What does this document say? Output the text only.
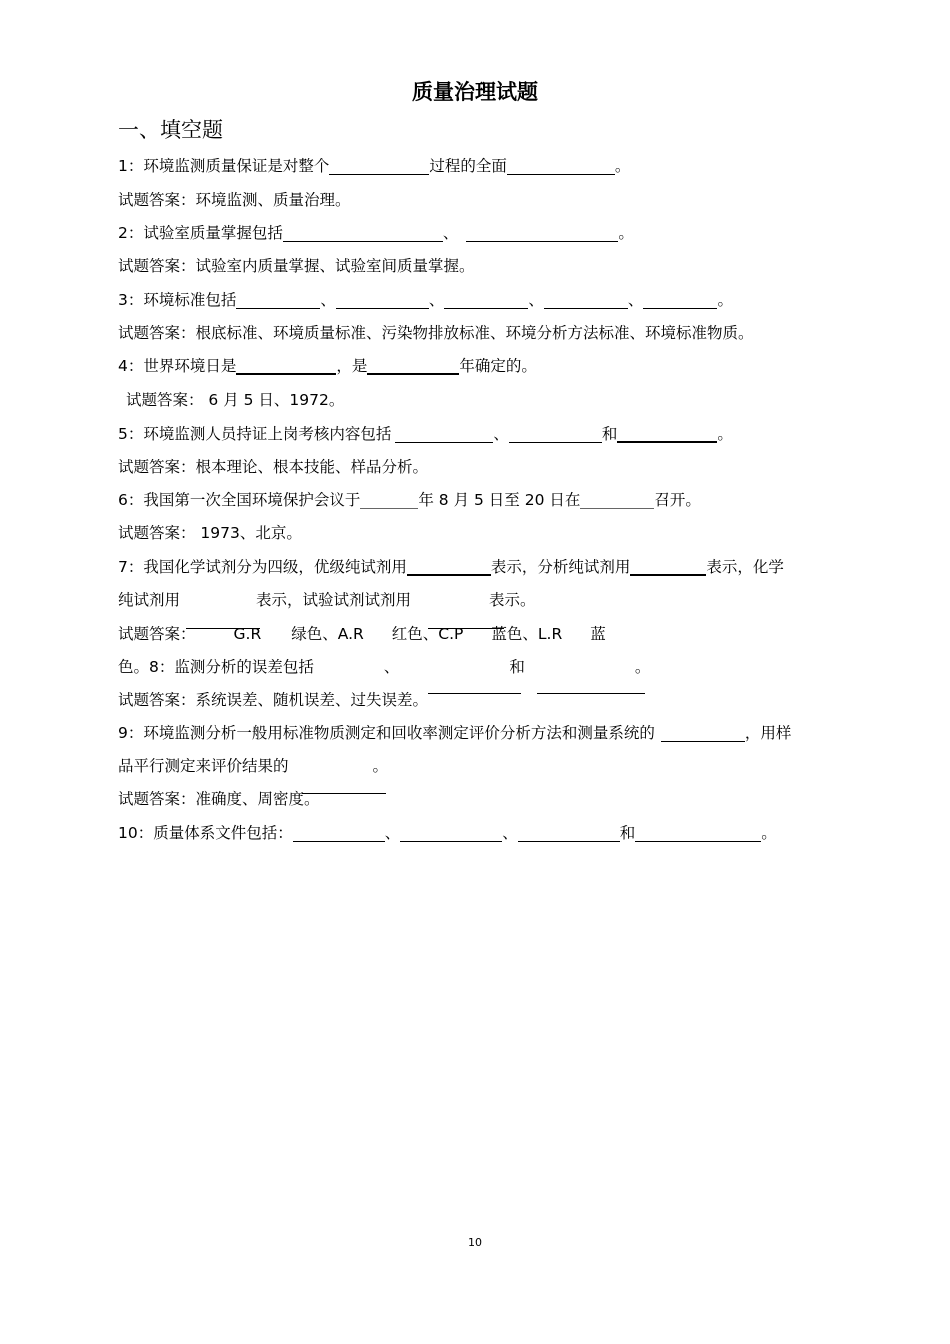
质量治理试题
一、填空题
1：环境监测质量保证是对整个	过程的全面	。
试题答案：环境监测、质量治理。
2：试验室质量掌握包括	、	。
试题答案：试验室内质量掌握、试验室间质量掌握。
3：环境标准包括	、	、	、	、	。
试题答案：根底标准、环境质量标准、污染物排放标准、环境分析方法标准、环境标准物质。
4：世界环境日是	，是	年确定的。
试题答案： 6 月 5 日、1972。
5：环境监测人员持证上岗考核内容包括	、	和	。
试题答案：根本理论、根本技能、样品分析。
6：我国第一次全国环境保护会议于	年 8 月 5 日至 20 日在	召开。
试题答案： 1973、北京。
7：我国化学试剂分为四级，优级纯试剂用	表示，分析纯试剂用	表示，化学
纯试剂用	表示，试验试剂试剂用	表示。
试题答案： G.R 绿色、A.R 红色、C.P 蓝色、L.R 蓝
色。8：监测分析的误差包括	、	和	。
试题答案：系统误差、随机误差、过失误差。
9：环境监测分析一般用标准物质测定和回收率测定评价分析方法和测量系统的	，用样
品平行测定来评价结果的	。
试题答案：准确度、周密度。
10：质量体系文件包括：	、	、	和	。
10
